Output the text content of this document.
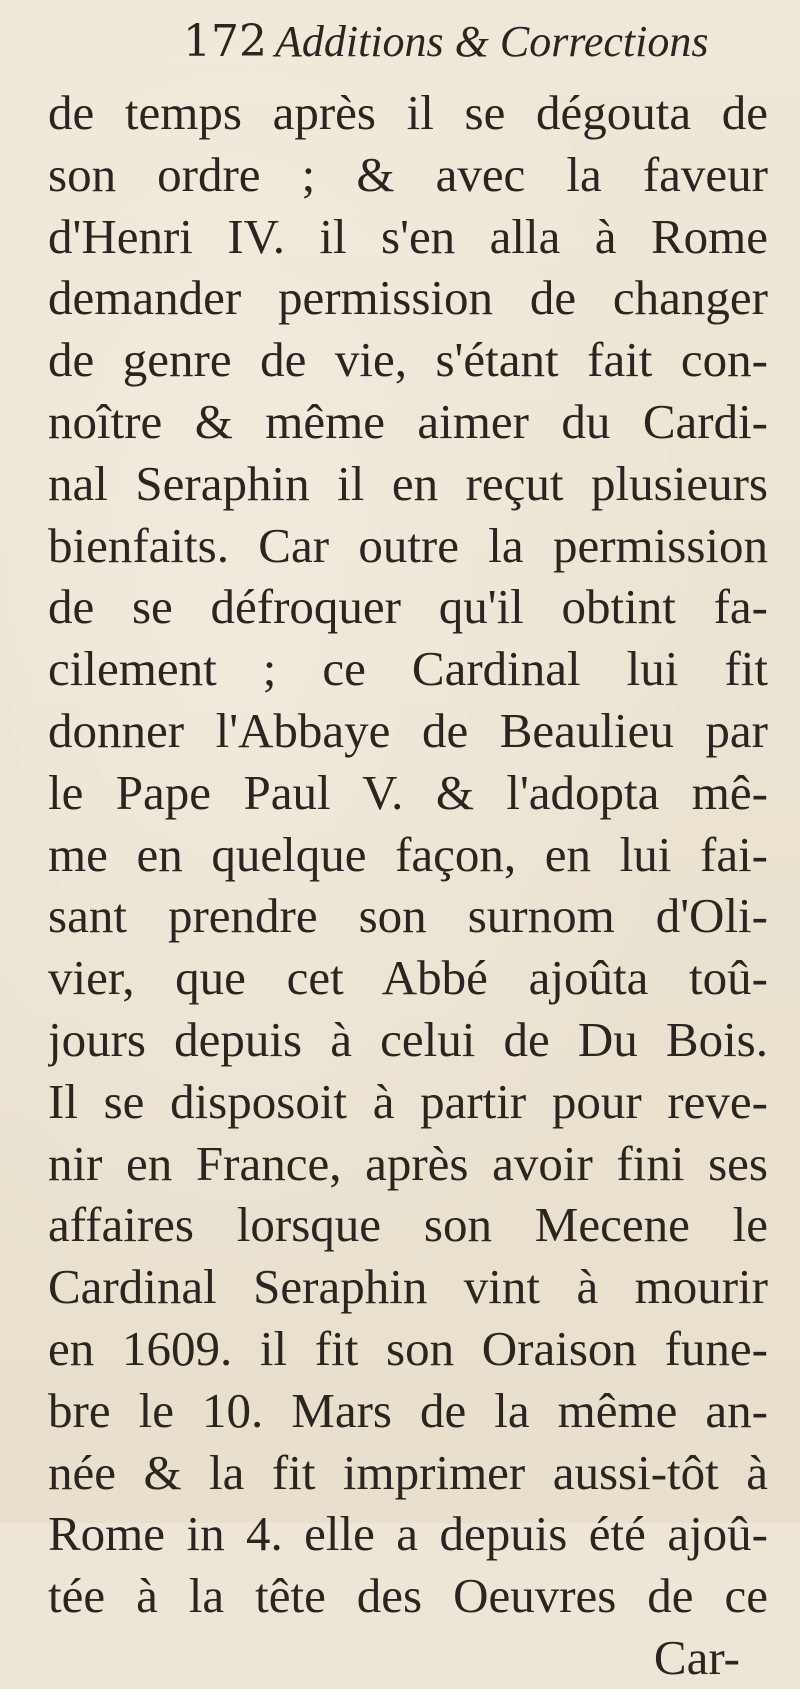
172 Additions & Corrections
de temps après il se dégouta de
son ordre ; & avec la faveur
d'Henri IV. il s'en alla à Rome
demander permission de changer
de genre de vie, s'étant fait con-
noître & même aimer du Cardi-
nal Seraphin il en reçut plusieurs
bienfaits. Car outre la permission
de se défroquer qu'il obtint fa-
cilement ; ce Cardinal lui fit
donner l'Abbaye de Beaulieu par
le Pape Paul V. & l'adopta mê-
me en quelque façon, en lui fai-
sant prendre son surnom d'Oli-
vier, que cet Abbé ajoûta toû-
jours depuis à celui de Du Bois.
Il se disposoit à partir pour reve-
nir en France, après avoir fini ses
affaires lorsque son Mecene le
Cardinal Seraphin vint à mourir
en 1609. il fit son Oraison fune-
bre le 10. Mars de la même an-
née & la fit imprimer aussi-tôt à
Rome in 4. elle a depuis été ajoû-
tée à la tête des Oeuvres de ce
Car-
